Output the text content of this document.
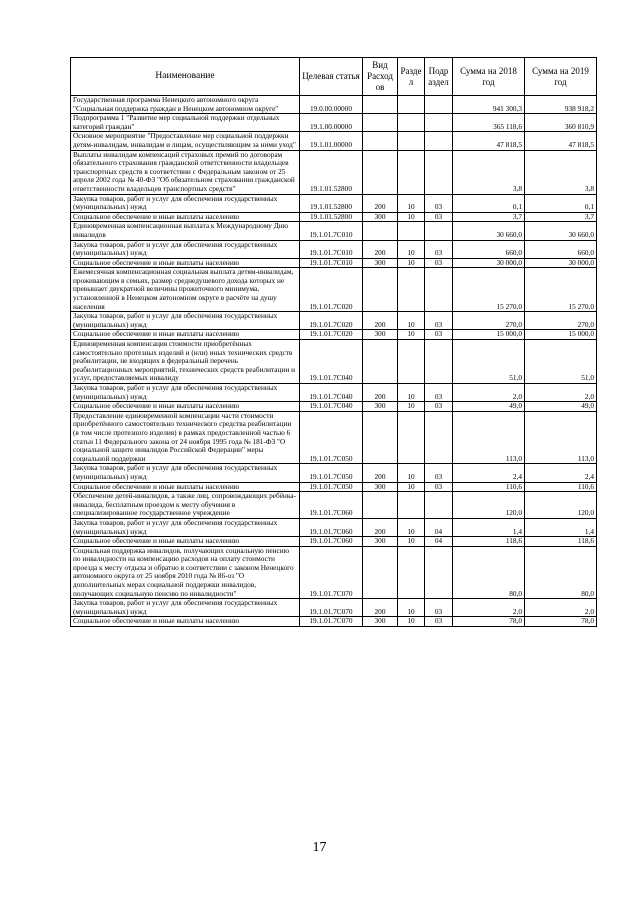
Наименование	Целевая статья	Вид Расход ов	Разде л	Подр аздел	Сумма на 2018 год	Сумма на 2019 год
Государственная программа Ненецкого автономного округа "Социальная поддержка граждан в Ненецком автономном округе"	19.0.00.00000				941 300,3	938 918,2
Подпрограмма 1 "Развитие мер социальной поддержки отдельных категорий граждан"	19.1.00.00000				365 118,6	360 810,9
Основное мероприятие "Предоставление мер социальной поддержки детям-инвалидам, инвалидам и лицам, осуществляющим за ними уход"	19.1.01.00000				47 818,5	47 818,5
Выплаты инвалидам компенсаций страховых премий по договорам обязательного страхования гражданской ответственности владельцев транспортных средств в соответствии с Федеральным законом от 25 апреля 2002 года № 40-ФЗ "Об обязательном страховании гражданской ответственности владельцев транспортных средств"	19.1.01.52800				3,8	3,8
Закупка товаров, работ и услуг для обеспечения государственных (муниципальных) нужд	19.1.01.52800	200	10	03	0,1	0,1
Социальное обеспечение и иные выплаты населению	19.1.01.52800	300	10	03	3,7	3,7
Единовременная компенсационная выплата к Международному Дню инвалидов	19.1.01.7С010				30 660,0	30 660,0
Закупка товаров, работ и услуг для обеспечения государственных (муниципальных) нужд	19.1.01.7С010	200	10	03	660,0	660,0
Социальное обеспечение и иные выплаты населению	19.1.01.7С010	300	10	03	30 000,0	30 000,0
Ежемесячная компенсационная социальная выплата детям-инвалидам, проживающим в семьях, размер среднедушевого дохода которых не превышает двукратной величины прожиточного минимума, установленной в Ненецком автономном округе в расчёте на душу населения	19.1.01.7С020				15 270,0	15 270,0
Закупка товаров, работ и услуг для обеспечения государственных (муниципальных) нужд	19.1.01.7С020	200	10	03	270,0	270,0
Социальное обеспечение и иные выплаты населению	19.1.01.7С020	300	10	03	15 000,0	15 000,0
Единовременная компенсация стоимости приобретённых самостоятельно протезных изделий и (или) иных технических средств реабилитации, не входящих в федеральный перечень реабилитационных мероприятий, технических средств реабилитации и услуг, предоставляемых инвалиду	19.1.01.7С040				51,0	51,0
Закупка товаров, работ и услуг для обеспечения государственных (муниципальных) нужд	19.1.01.7С040	200	10	03	2,0	2,0
Социальное обеспечение и иные выплаты населению	19.1.01.7С040	300	10	03	49,0	49,0
Предоставление единовременной компенсации части стоимости приобретённого самостоятельно технического средства реабилитации (в том числе протезного изделия) в рамках предоставленной частью 6 статьи 11 Федерального закона от 24 ноября 1995 года № 181-ФЗ "О социальной защите инвалидов Российской Федерации" меры социальной поддержки	19.1.01.7С050				113,0	113,0
Закупка товаров, работ и услуг для обеспечения государственных (муниципальных) нужд	19.1.01.7С050	200	10	03	2,4	2,4
Социальное обеспечение и иные выплаты населению	19.1.01.7С050	300	10	03	110,6	110,6
Обеспечение детей-инвалидов, а также лиц, сопровождающих ребёнка-инвалида, бесплатным проездом к месту обучения в специализированное государственное учреждение	19.1.01.7С060				120,0	120,0
Закупка товаров, работ и услуг для обеспечения государственных (муниципальных) нужд	19.1.01.7С060	200	10	04	1,4	1,4
Социальное обеспечение и иные выплаты населению	19.1.01.7С060	300	10	04	118,6	118,6
Социальная поддержка инвалидов, получающих социальную пенсию по инвалидности на компенсацию расходов на оплату стоимости проезда к месту отдыха и обратно в соответствии с законом Ненецкого автономного округа от 25 ноября 2010 года № 86-оз "О дополнительных мерах социальной поддержки инвалидов, получающих социальную пенсию по инвалидности"	19.1.01.7С070				80,0	80,0
Закупка товаров, работ и услуг для обеспечения государственных (муниципальных) нужд	19.1.01.7С070	200	10	03	2,0	2,0
Социальное обеспечение и иные выплаты населению	19.1.01.7С070	300	10	03	78,0	78,0
17
